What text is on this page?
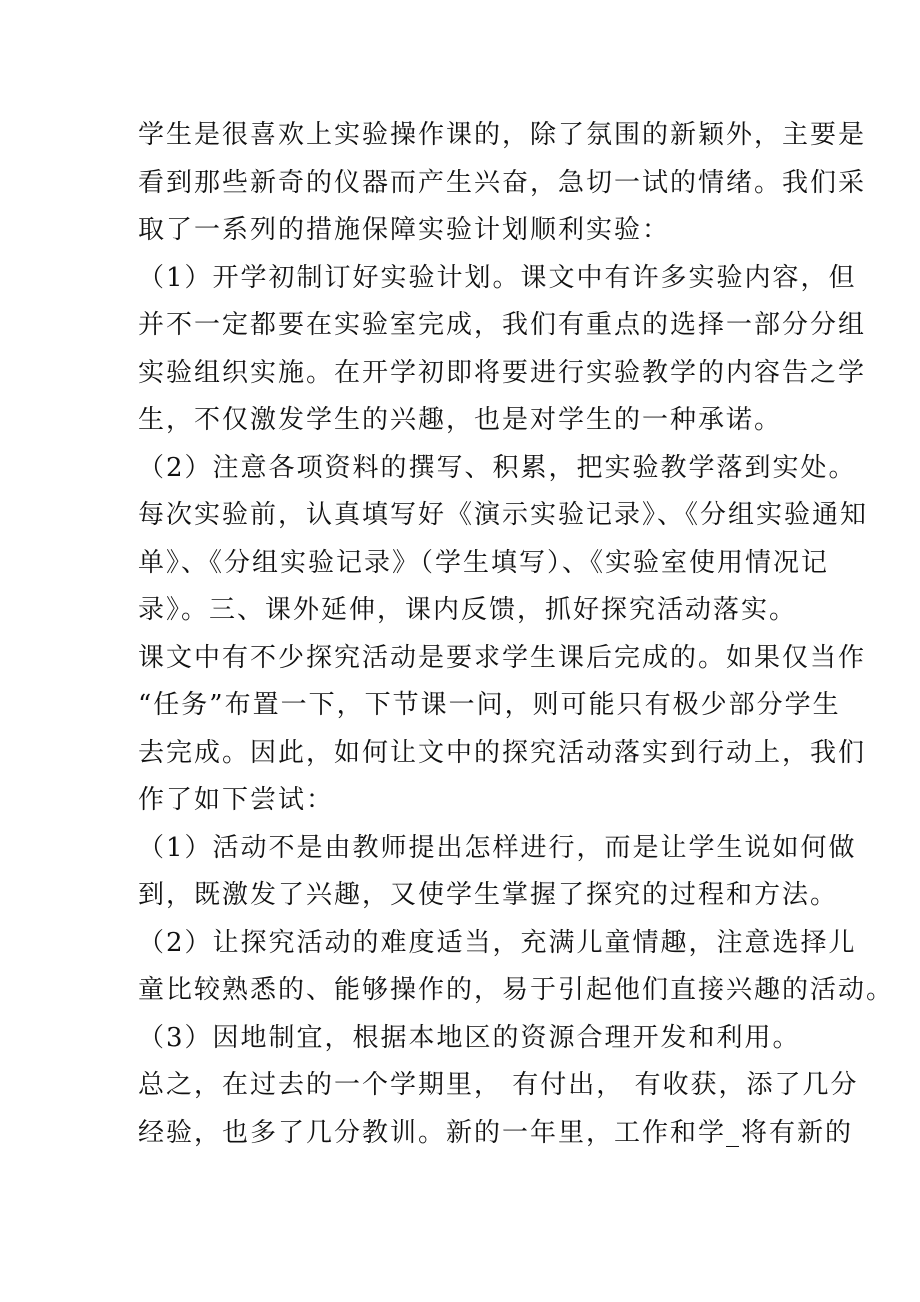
学生是很喜欢上实验操作课的，除了氛围的新颖外，主要是

看到那些新奇的仪器而产生兴奋，急切一试的情绪。我们采

取了一系列的措施保障实验计划顺利实验：

（1）开学初制订好实验计划。课文中有许多实验内容，但

并不一定都要在实验室完成，我们有重点的选择一部分分组

实验组织实施。在开学初即将要进行实验教学的内容告之学

生，不仅激发学生的兴趣，也是对学生的一种承诺。

（2）注意各项资料的撰写、积累，把实验教学落到实处。

每次实验前，认真填写好《演示实验记录》、《分组实验通知

单》、《分组实验记录》（学生填写）、《实验室使用情况记

录》。三、课外延伸，课内反馈，抓好探究活动落实。

课文中有不少探究活动是要求学生课后完成的。如果仅当作

“任务”布置一下，下节课一问，则可能只有极少部分学生

去完成。因此，如何让文中的探究活动落实到行动上，我们

作了如下尝试：

（1）活动不是由教师提出怎样进行，而是让学生说如何做

到，既激发了兴趣，又使学生掌握了探究的过程和方法。

（2）让探究活动的难度适当，充满儿童情趣，注意选择儿

童比较熟悉的、能够操作的，易于引起他们直接兴趣的活动。

（3）因地制宜，根据本地区的资源合理开发和利用。

总之，在过去的一个学期里， 有付出， 有收获，添了几分

经验，也多了几分教训。新的一年里，工作和学_将有新的
